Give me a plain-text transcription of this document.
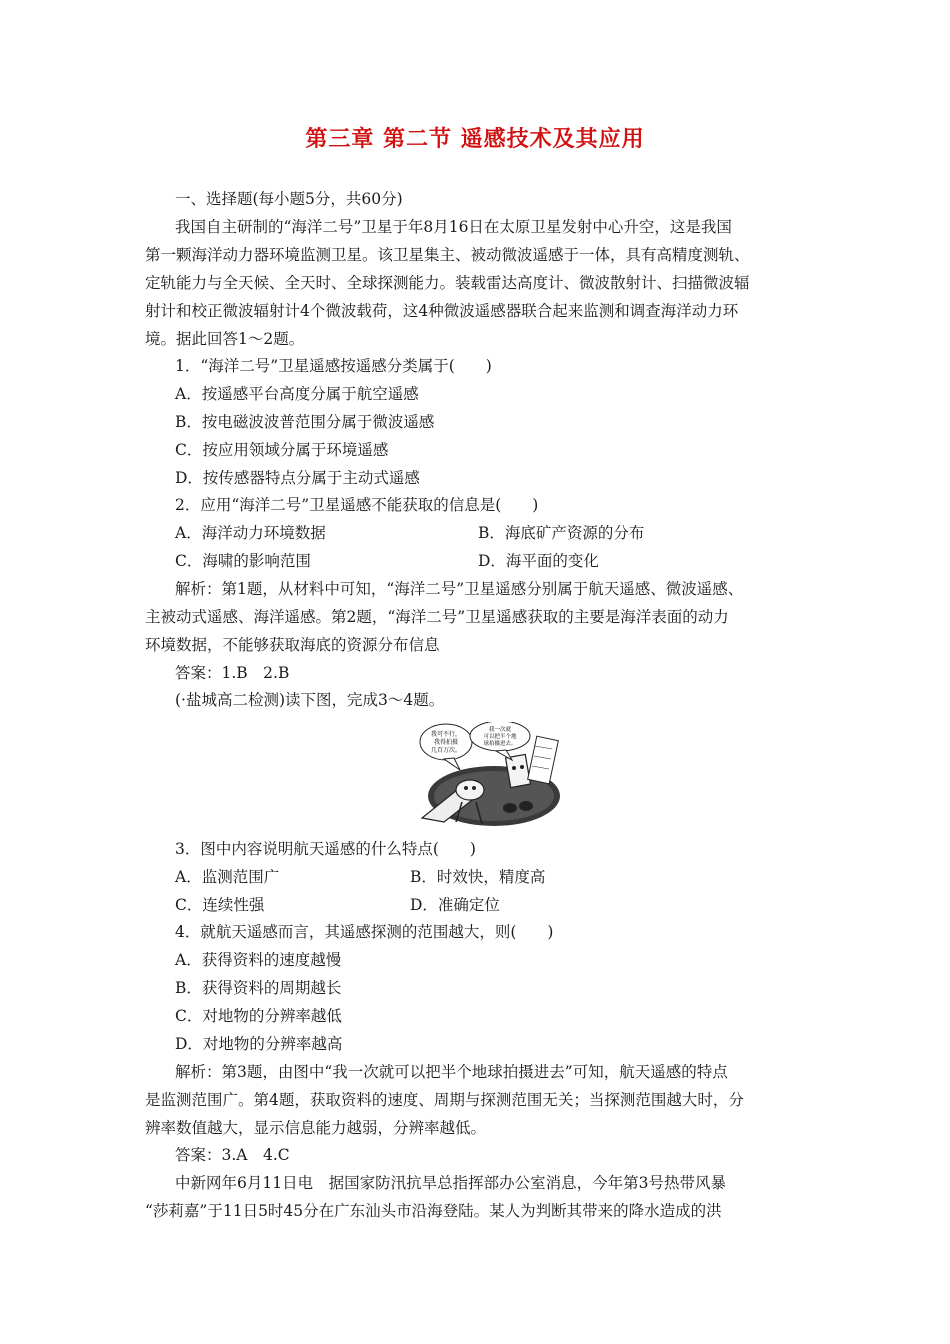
第三章 第二节 遥感技术及其应用
一、选择题(每小题5分，共60分)
我国自主研制的“海洋二号”卫星于年8月16日在太原卫星发射中心升空，这是我国
第一颗海洋动力器环境监测卫星。该卫星集主、被动微波遥感于一体，具有高精度测轨、
定轨能力与全天候、全天时、全球探测能力。装载雷达高度计、微波散射计、扫描微波辐
射计和校正微波辐射计4个微波载荷，这4种微波遥感器联合起来监测和调查海洋动力环
境。据此回答1～2题。
1．“海洋二号”卫星遥感按遥感分类属于(　　)
A．按遥感平台高度分属于航空遥感
B．按电磁波波普范围分属于微波遥感
C．按应用领域分属于环境遥感
D．按传感器特点分属于主动式遥感
2．应用“海洋二号”卫星遥感不能获取的信息是(　　)
A．海洋动力环境数据	B．海底矿产资源的分布
C．海啸的影响范围	D．海平面的变化
解析：第1题，从材料中可知，“海洋二号”卫星遥感分别属于航天遥感、微波遥感、
主被动式遥感、海洋遥感。第2题，“海洋二号”卫星遥感获取的主要是海洋表面的动力
环境数据，不能够获取海底的资源分布信息
答案：1.B　2.B
(·盐城高二检测)读下图，完成3～4题。
我可不行，
我得拍摄
几百万次。
我一次就
可以把半个地
球拍摄进去。
3．图中内容说明航天遥感的什么特点(　　)
A．监测范围广	B．时效快，精度高
C．连续性强	D．准确定位
4．就航天遥感而言，其遥感探测的范围越大，则(　　)
A．获得资料的速度越慢
B．获得资料的周期越长
C．对地物的分辨率越低
D．对地物的分辨率越高
解析：第3题，由图中“我一次就可以把半个地球拍摄进去”可知，航天遥感的特点
是监测范围广。第4题，获取资料的速度、周期与探测范围无关；当探测范围越大时，分
辨率数值越大，显示信息能力越弱，分辨率越低。
答案：3.A　4.C
中新网年6月11日电　据国家防汛抗旱总指挥部办公室消息，今年第3号热带风暴
“莎莉嘉”于11日5时45分在广东汕头市沿海登陆。某人为判断其带来的降水造成的洪
